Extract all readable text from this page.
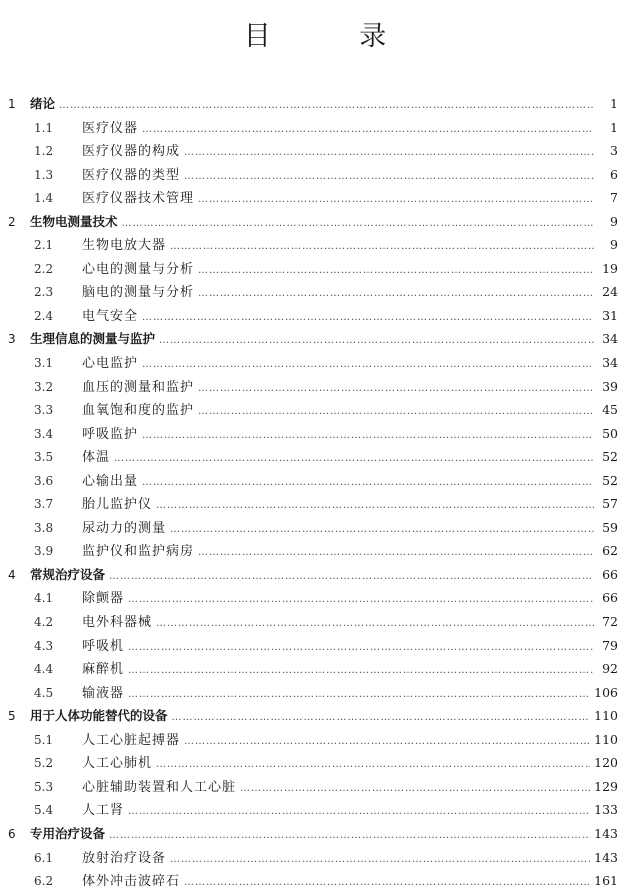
目 录
1	绪论 …………………………………………………………………………………………………………………………………………………………………………………………	1
1.1	医疗仪器 …………………………………………………………………………………………………………………………………………………………………………………………	1
1.2	医疗仪器的构成 …………………………………………………………………………………………………………………………………………………………………………………………	3
1.3	医疗仪器的类型 …………………………………………………………………………………………………………………………………………………………………………………………	6
1.4	医疗仪器技术管理 …………………………………………………………………………………………………………………………………………………………………………………………	7
2	生物电测量技术 …………………………………………………………………………………………………………………………………………………………………………………………	9
2.1	生物电放大器 …………………………………………………………………………………………………………………………………………………………………………………………	9
2.2	心电的测量与分析 …………………………………………………………………………………………………………………………………………………………………………………………	19
2.3	脑电的测量与分析 …………………………………………………………………………………………………………………………………………………………………………………………	24
2.4	电气安全 …………………………………………………………………………………………………………………………………………………………………………………………	31
3	生理信息的测量与监护 …………………………………………………………………………………………………………………………………………………………………………………………	34
3.1	心电监护 …………………………………………………………………………………………………………………………………………………………………………………………	34
3.2	血压的测量和监护 …………………………………………………………………………………………………………………………………………………………………………………………	39
3.3	血氧饱和度的监护 …………………………………………………………………………………………………………………………………………………………………………………………	45
3.4	呼吸监护 …………………………………………………………………………………………………………………………………………………………………………………………	50
3.5	体温 …………………………………………………………………………………………………………………………………………………………………………………………	52
3.6	心输出量 …………………………………………………………………………………………………………………………………………………………………………………………	52
3.7	胎儿监护仪 …………………………………………………………………………………………………………………………………………………………………………………………	57
3.8	尿动力的测量 …………………………………………………………………………………………………………………………………………………………………………………………	59
3.9	监护仪和监护病房 …………………………………………………………………………………………………………………………………………………………………………………………	62
4	常规治疗设备 …………………………………………………………………………………………………………………………………………………………………………………………	66
4.1	除颤器 …………………………………………………………………………………………………………………………………………………………………………………………	66
4.2	电外科器械 …………………………………………………………………………………………………………………………………………………………………………………………	72
4.3	呼吸机 …………………………………………………………………………………………………………………………………………………………………………………………	79
4.4	麻醉机 …………………………………………………………………………………………………………………………………………………………………………………………	92
4.5	输液器 …………………………………………………………………………………………………………………………………………………………………………………………	106
5	用于人体功能替代的设备 …………………………………………………………………………………………………………………………………………………………………………………………	110
5.1	人工心脏起搏器 …………………………………………………………………………………………………………………………………………………………………………………………	110
5.2	人工心肺机 …………………………………………………………………………………………………………………………………………………………………………………………	120
5.3	心脏辅助装置和人工心脏 …………………………………………………………………………………………………………………………………………………………………………………………	129
5.4	人工肾 …………………………………………………………………………………………………………………………………………………………………………………………	133
6	专用治疗设备 …………………………………………………………………………………………………………………………………………………………………………………………	143
6.1	放射治疗设备 …………………………………………………………………………………………………………………………………………………………………………………………	143
6.2	体外冲击波碎石 …………………………………………………………………………………………………………………………………………………………………………………………	161
